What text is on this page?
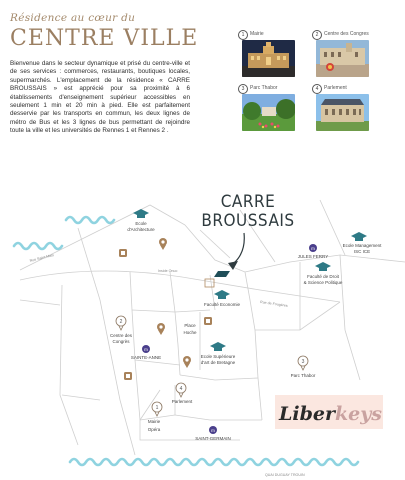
Résidence au cœur du
CENTRE VILLE
Bienvenue dans le secteur dynamique et prisé du centre-ville et de ses services : commerces, restaurants, boutiques locales, supermarchés. L'emplacement de la résidence « CARRE BROUSSAIS » est apprécié pour sa proximité à 6 établissements d'enseignement supérieur accessibles en seulement 1 min et 20 min à pied. Elle est parfaitement desservie par les transports en commun, les deux lignes de métro de Bus et les 3 lignes de bus permettant de rejoindre toute la ville et les universités de Rennes 1 et Rennes 2 .
1	Mairie	2	Centre des Congres
3	Parc Thabor	4	Parlement
Rue Saint-Malo
Inside Onuo
Rue de Fougères
QUAI DUGUAY TROUIN
CARRE
BROUSSAIS
Ecole
d'Architecture
Faculté Economie
Ecole Supérieure
d'art de Bretagne
Ecole Management
ISC ICE
Faculté de Droit
& Science Politique
m
JULES FERRY
m
SAINTE-ANNE
m
SAINT-GERMAIN
2
3
4
1
Centre des
Congrès
Place
Hoche
Parlement
Parc Thabor
Mairie
Opéra
Liberkeys
